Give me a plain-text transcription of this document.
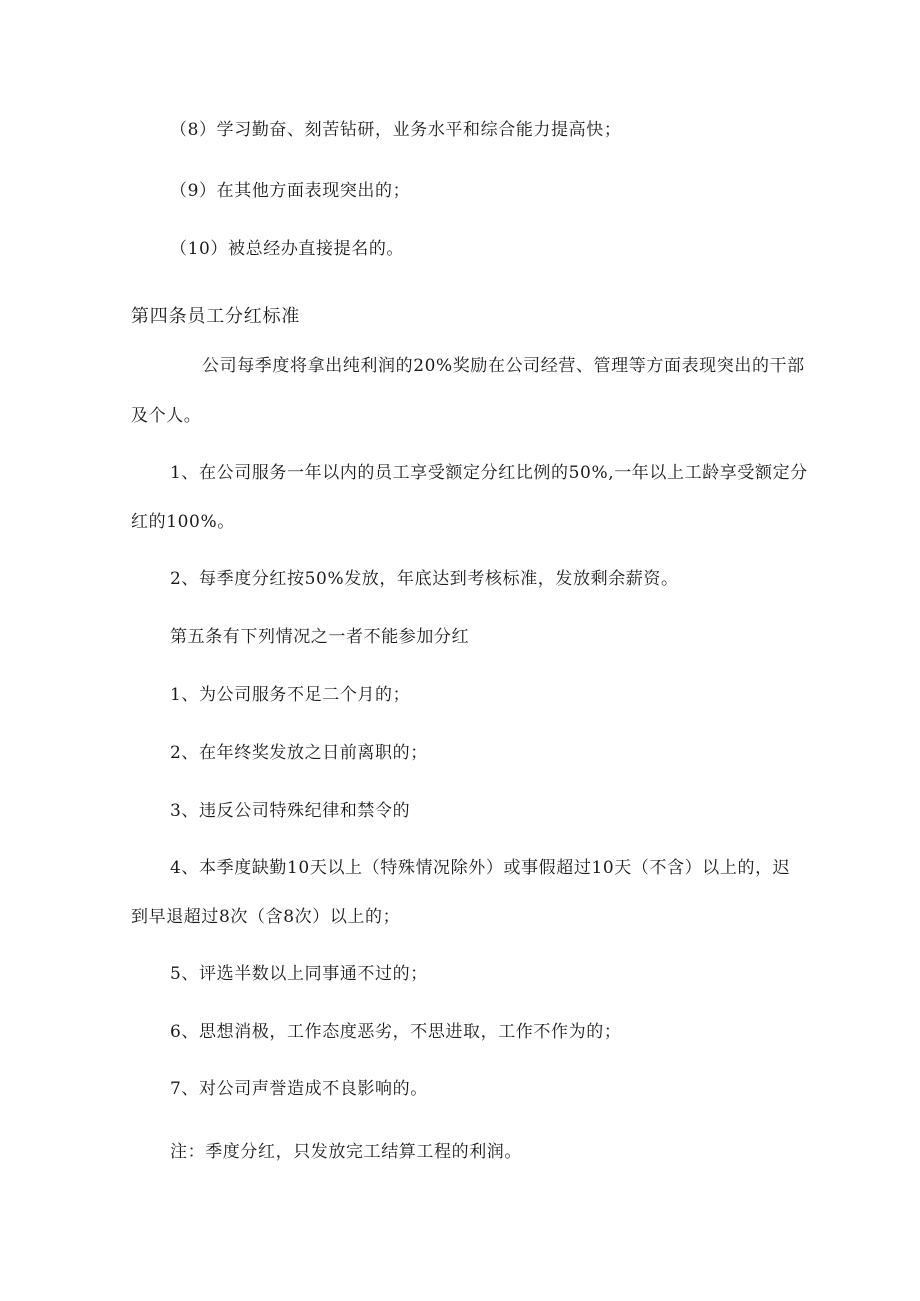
（8）学习勤奋、刻苦钻研，业务水平和综合能力提高快；
（9）在其他方面表现突出的；
（10）被总经办直接提名的。
第四条员工分红标准
公司每季度将拿出纯利润的20%奖励在公司经营、管理等方面表现突出的干部
及个人。
1、在公司服务一年以内的员工享受额定分红比例的50%,一年以上工龄享受额定分
红的100%。
2、每季度分红按50%发放，年底达到考核标准，发放剩余薪资。
第五条有下列情况之一者不能参加分红
1、为公司服务不足二个月的；
2、在年终奖发放之日前离职的；
3、违反公司特殊纪律和禁令的
4、本季度缺勤10天以上（特殊情况除外）或事假超过10天（不含）以上的，迟
到早退超过8次（含8次）以上的；
5、评选半数以上同事通不过的；
6、思想消极，工作态度恶劣，不思进取，工作不作为的；
7、对公司声誉造成不良影响的。
注：季度分红，只发放完工结算工程的利润。
